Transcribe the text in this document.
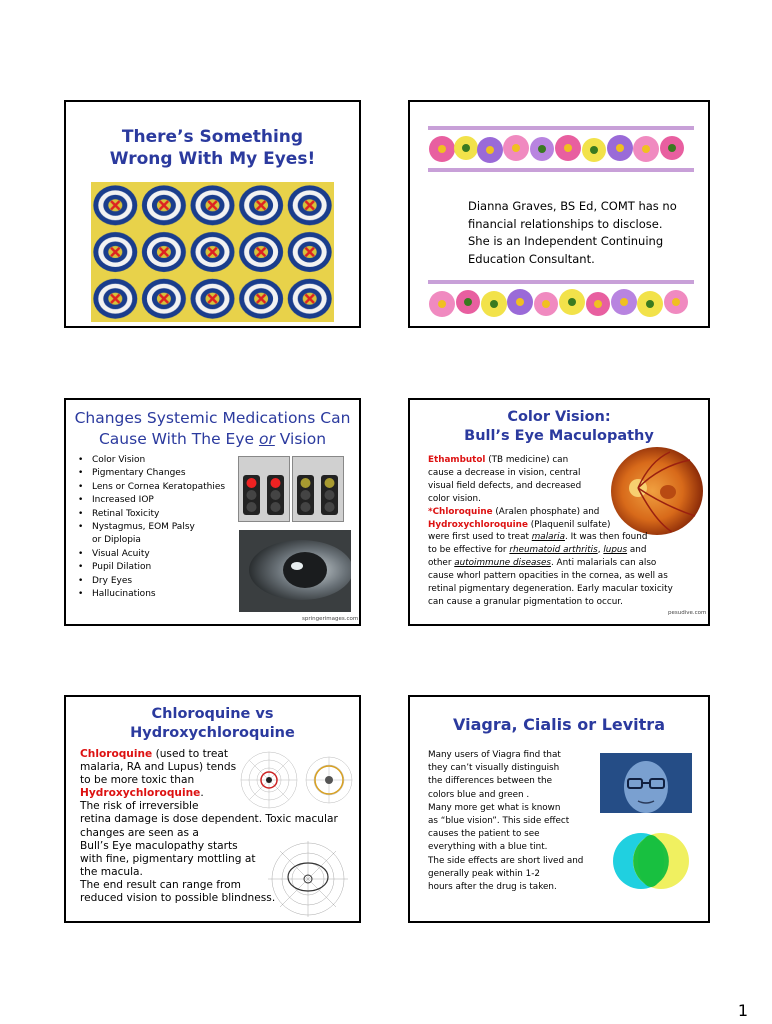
There’s Something Wrong With My Eyes!
Dianna Graves, BS Ed, COMT has no financial relationships to disclose. She is an Independent Continuing Education Consultant.
Changes Systemic Medications Can Cause With The Eye or Vision
• Color Vision
• Pigmentary Changes
• Lens or Cornea Keratopathies
• Increased IOP
• Retinal Toxicity
• Nystagmus, EOM Palsy
or Diplopia
• Visual Acuity
• Pupil Dilation
• Dry Eyes
• Hallucinations
springerimages.com
Color Vision:
Bull’s Eye Maculopathy
Ethambutol (TB medicine) can
cause a decrease in vision, central
visual field defects, and decreased
color vision.
*Chloroquine (Aralen phosphate) and
Hydroxychloroquine (Plaquenil sulfate)
were first used to treat malaria. It was then found
to be effective for rheumatoid arthritis, lupus and
other autoimmune diseases. Anti malarials can also
cause whorl pattern opacities in the cornea, as well as
retinal pigmentary degeneration. Early macular toxicity
can cause a granular pigmentation to occur.
pesudive.com
Chloroquine vs
Hydroxychloroquine
Chloroquine (used to treat
malaria, RA and Lupus) tends
to be more toxic than
Hydroxychloroquine.
The risk of irreversible
retina damage is dose dependent. Toxic macular
changes are seen as a
Bull’s Eye maculopathy starts
with fine, pigmentary mottling at
the macula.
The end result can range from
reduced vision to possible blindness.
Viagra, Cialis or Levitra
Many users of Viagra find that
they can’t visually distinguish
the differences between the
colors blue and green .
Many more get what is known
as “blue vision”. This side effect
causes the patient to see
everything with a blue tint.
The side effects are short lived and
generally peak within 1-2
hours after the drug is taken.
1
